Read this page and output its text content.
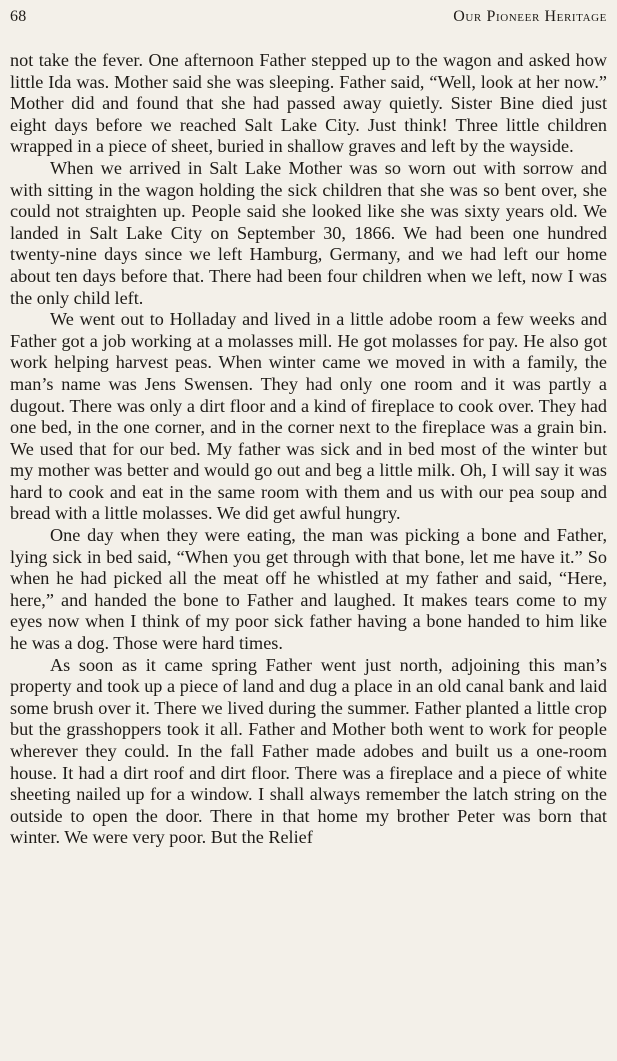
68	Our Pioneer Heritage

not take the fever. One afternoon Father stepped up to the wagon and asked how little Ida was. Mother said she was sleeping. Father said, “Well, look at her now.” Mother did and found that she had passed away quietly. Sister Bine died just eight days before we reached Salt Lake City. Just think! Three little children wrapped in a piece of sheet, buried in shallow graves and left by the wayside.

When we arrived in Salt Lake Mother was so worn out with sorrow and with sitting in the wagon holding the sick children that she was so bent over, she could not straighten up. People said she looked like she was sixty years old. We landed in Salt Lake City on September 30, 1866. We had been one hundred twenty-nine days since we left Hamburg, Germany, and we had left our home about ten days before that. There had been four children when we left, now I was the only child left.

We went out to Holladay and lived in a little adobe room a few weeks and Father got a job working at a molasses mill. He got molasses for pay. He also got work helping harvest peas. When winter came we moved in with a family, the man’s name was Jens Swensen. They had only one room and it was partly a dugout. There was only a dirt floor and a kind of fireplace to cook over. They had one bed, in the one corner, and in the corner next to the fireplace was a grain bin. We used that for our bed. My father was sick and in bed most of the winter but my mother was better and would go out and beg a little milk. Oh, I will say it was hard to cook and eat in the same room with them and us with our pea soup and bread with a little molasses. We did get awful hungry.

One day when they were eating, the man was picking a bone and Father, lying sick in bed said, “When you get through with that bone, let me have it.” So when he had picked all the meat off he whistled at my father and said, “Here, here,” and handed the bone to Father and laughed. It makes tears come to my eyes now when I think of my poor sick father having a bone handed to him like he was a dog. Those were hard times.

As soon as it came spring Father went just north, adjoining this man’s property and took up a piece of land and dug a place in an old canal bank and laid some brush over it. There we lived during the summer. Father planted a little crop but the grasshoppers took it all. Father and Mother both went to work for people wherever they could. In the fall Father made adobes and built us a one-room house. It had a dirt roof and dirt floor. There was a fireplace and a piece of white sheeting nailed up for a window. I shall always remember the latch string on the outside to open the door. There in that home my brother Peter was born that winter. We were very poor. But the Relief
